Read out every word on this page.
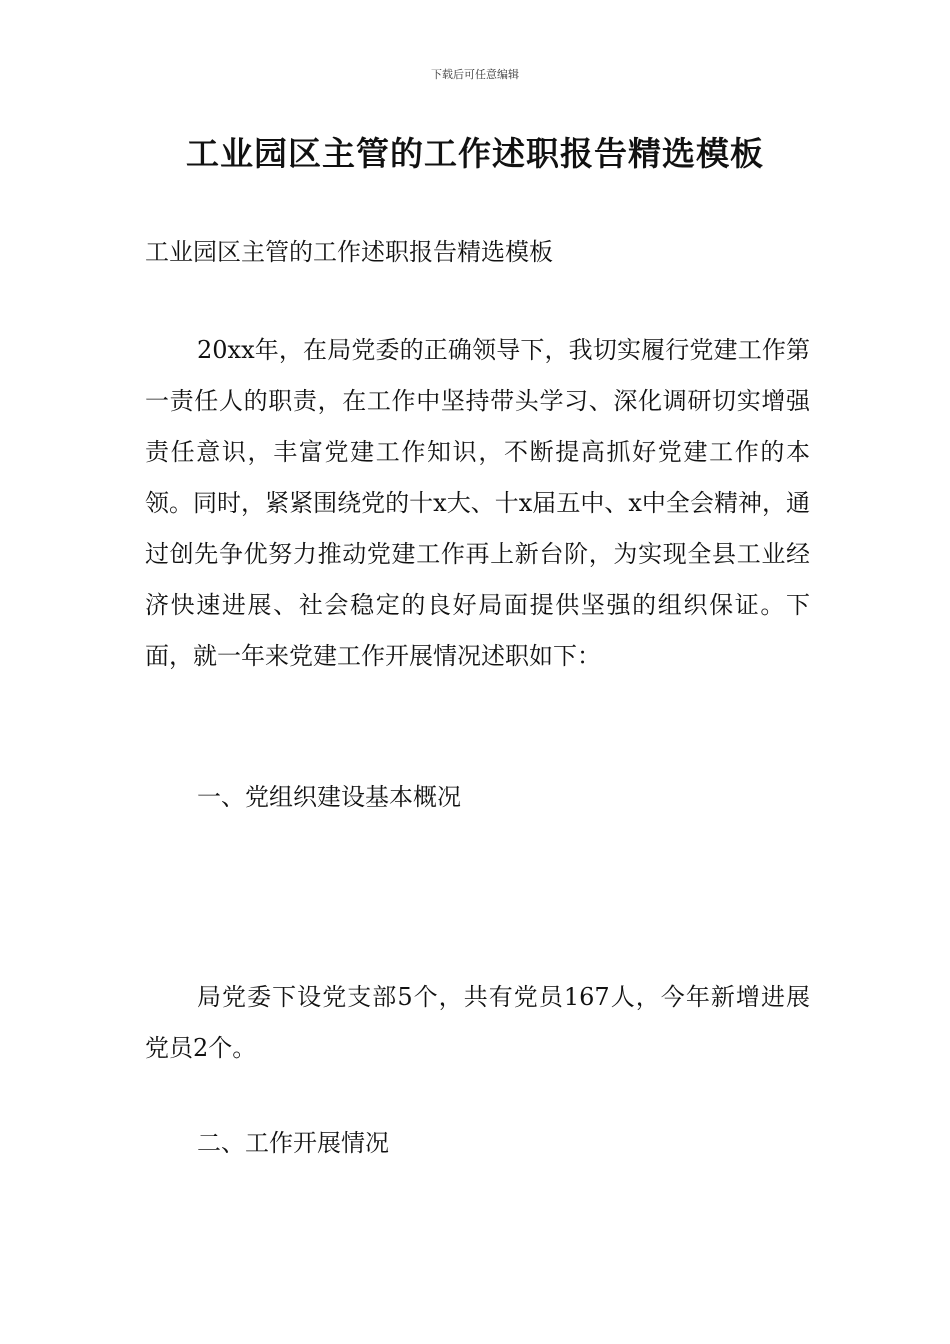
下载后可任意编辑
工业园区主管的工作述职报告精选模板

工业园区主管的工作述职报告精选模板

20xx年，在局党委的正确领导下，我切实履行党建工作第一责任人的职责，在工作中坚持带头学习、深化调研切实增强责任意识，丰富党建工作知识，不断提高抓好党建工作的本领。同时，紧紧围绕党的十x大、十x届五中、x中全会精神，通过创先争优努力推动党建工作再上新台阶，为实现全县工业经济快速进展、社会稳定的良好局面提供坚强的组织保证。下面，就一年来党建工作开展情况述职如下：

一、党组织建设基本概况

局党委下设党支部5个，共有党员167人，今年新增进展党员2个。

二、工作开展情况
